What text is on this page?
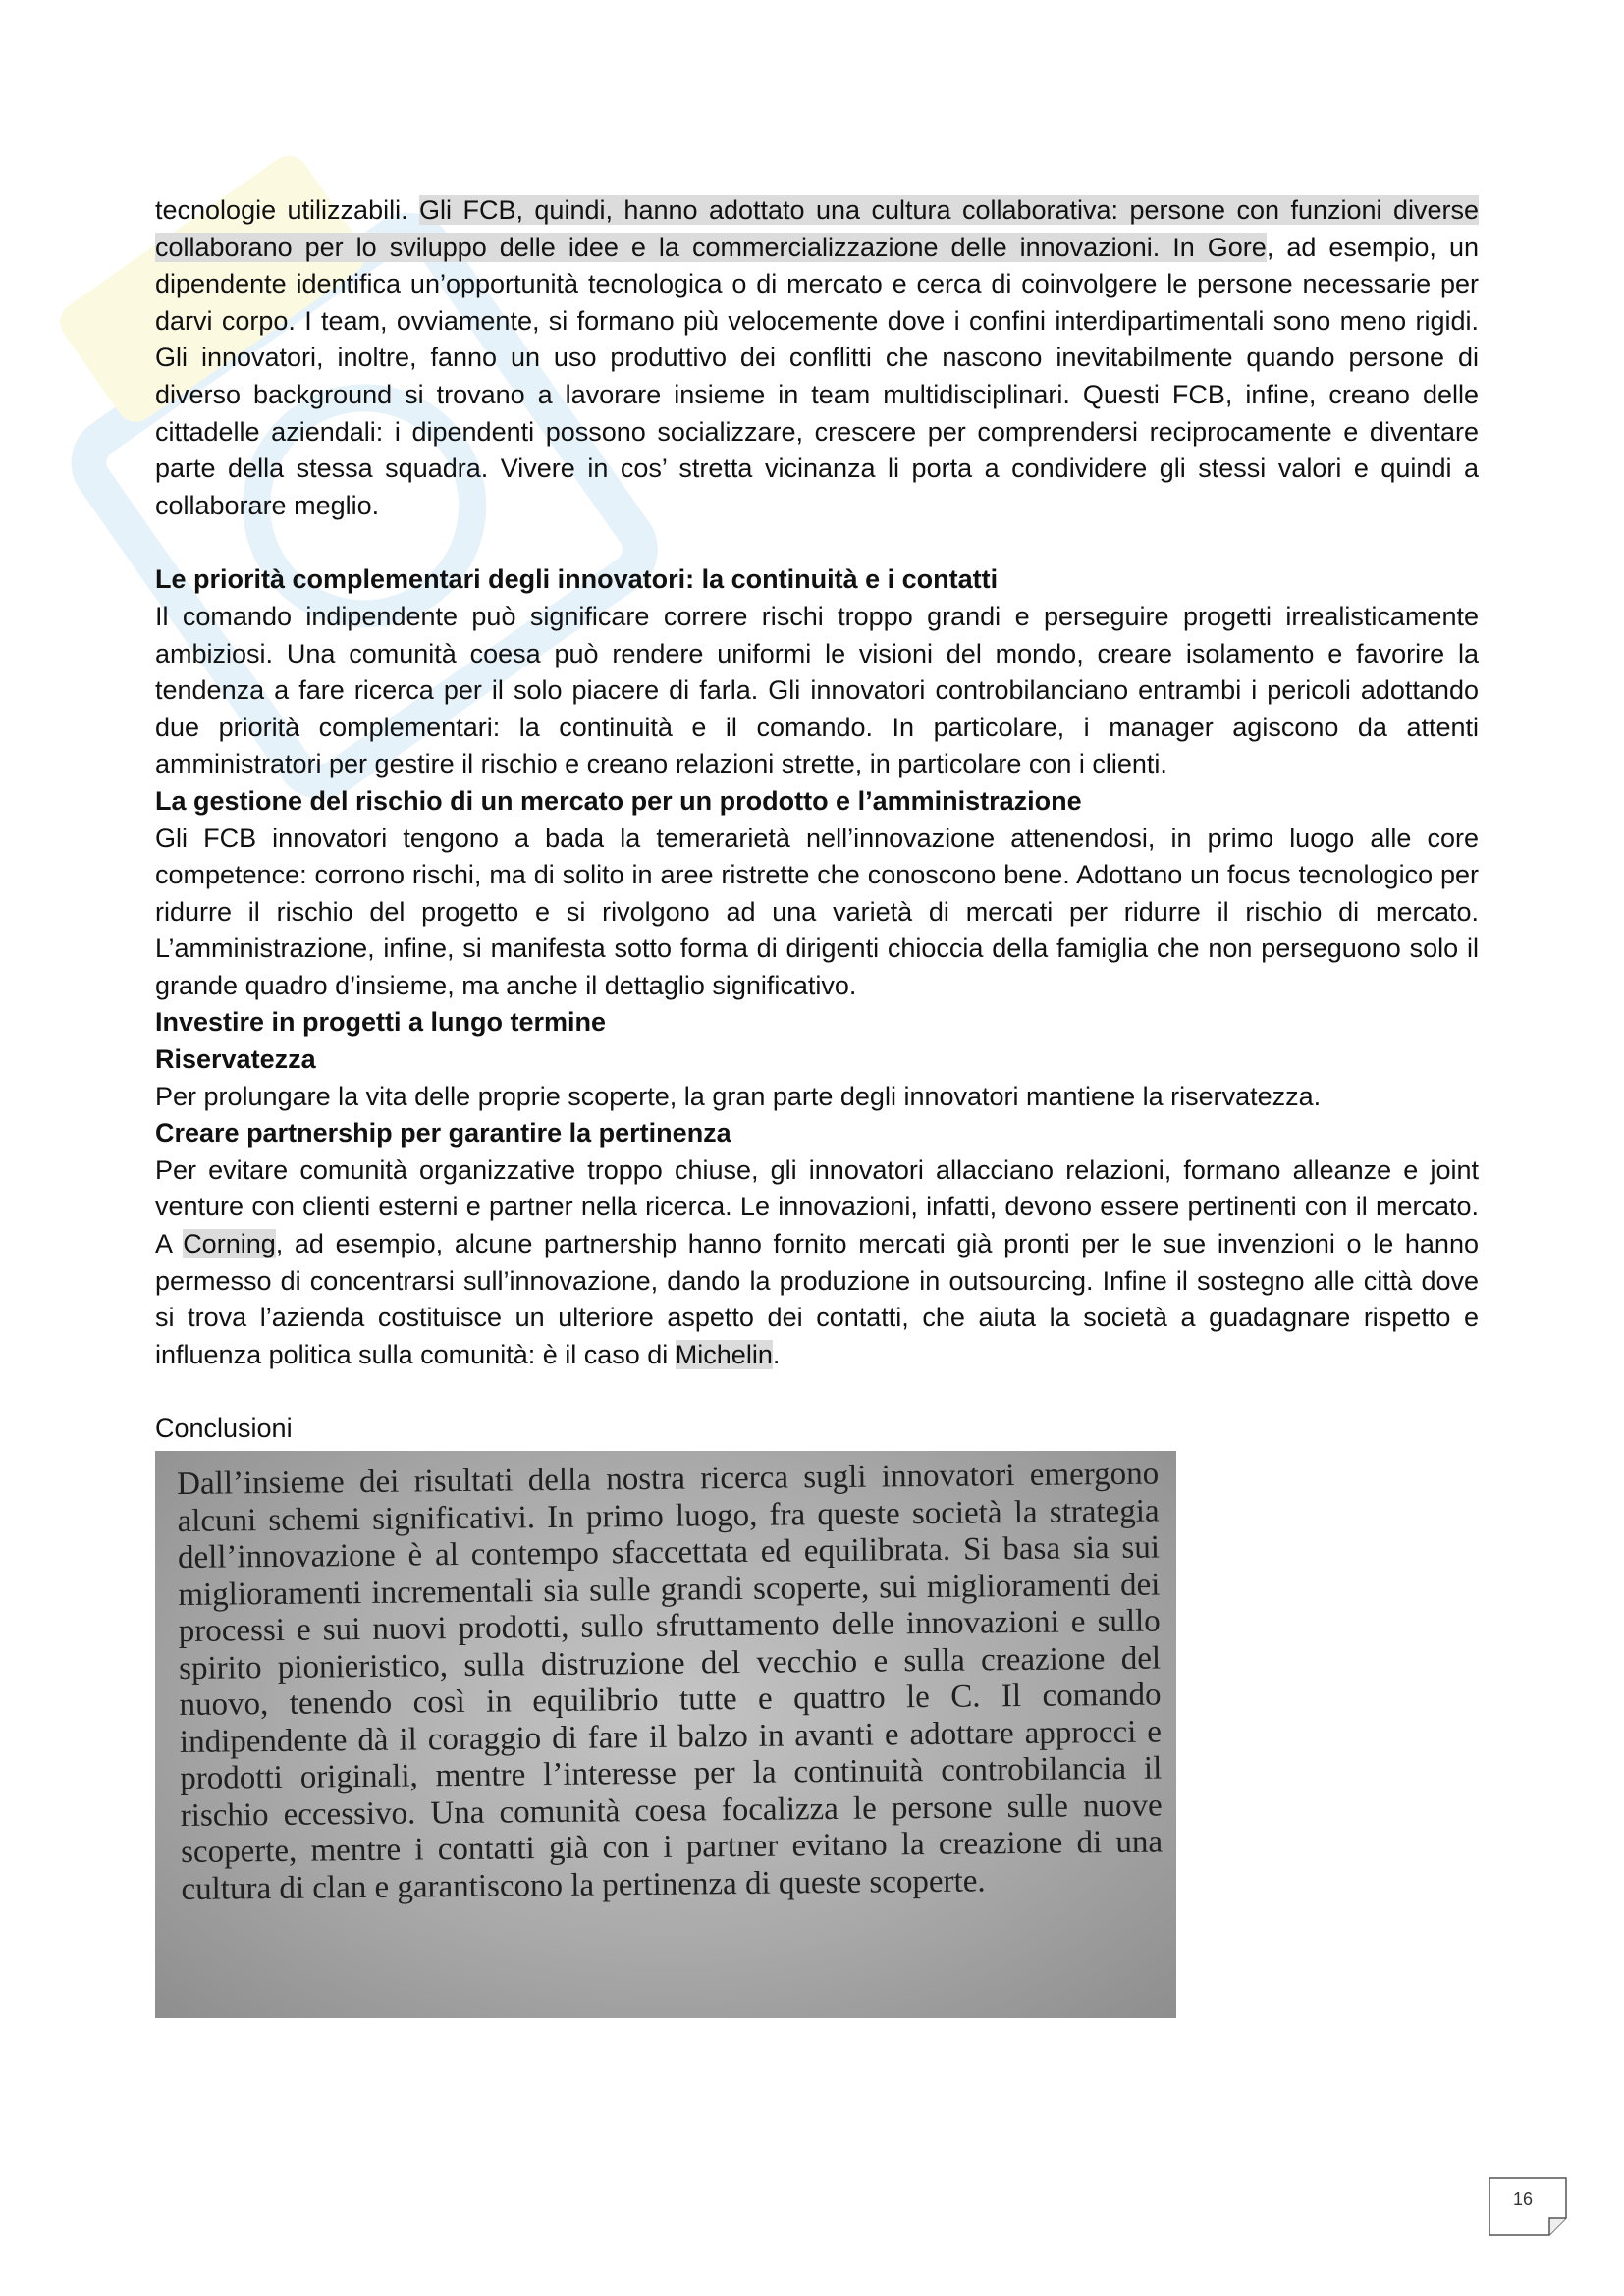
tecnologie utilizzabili. Gli FCB, quindi, hanno adottato una cultura collaborativa: persone con funzioni diverse collaborano per lo sviluppo delle idee e la commercializzazione delle innovazioni. In Gore, ad esempio, un dipendente identifica un’opportunità tecnologica o di mercato e cerca di coinvolgere le persone necessarie per darvi corpo. I team, ovviamente, si formano più velocemente dove i confini interdipartimentali sono meno rigidi. Gli innovatori, inoltre, fanno un uso produttivo dei conflitti che nascono inevitabilmente quando persone di diverso background si trovano a lavorare insieme in team multidisciplinari. Questi FCB, infine, creano delle cittadelle aziendali: i dipendenti possono socializzare, crescere per comprendersi reciprocamente e diventare parte della stessa squadra. Vivere in cos’ stretta vicinanza li porta a condividere gli stessi valori e quindi a collaborare meglio.

Le priorità complementari degli innovatori: la continuità e i contatti

Il comando indipendente può significare correre rischi troppo grandi e perseguire progetti irrealisticamente ambiziosi. Una comunità coesa può rendere uniformi le visioni del mondo, creare isolamento e favorire la tendenza a fare ricerca per il solo piacere di farla. Gli innovatori controbilanciano entrambi i pericoli adottando due priorità complementari: la continuità e il comando. In particolare, i manager agiscono da attenti amministratori per gestire il rischio e creano relazioni strette, in particolare con i clienti.

La gestione del rischio di un mercato per un prodotto e l’amministrazione

Gli FCB innovatori tengono a bada la temerarietà nell’innovazione attenendosi, in primo luogo alle core competence: corrono rischi, ma di solito in aree ristrette che conoscono bene. Adottano un focus tecnologico per ridurre il rischio del progetto e si rivolgono ad una varietà di mercati per ridurre il rischio di mercato. L’amministrazione, infine, si manifesta sotto forma di dirigenti chioccia della famiglia che non perseguono solo il grande quadro d’insieme, ma anche il dettaglio significativo.

Investire in progetti a lungo termine

Riservatezza

Per prolungare la vita delle proprie scoperte, la gran parte degli innovatori mantiene la riservatezza.

Creare partnership per garantire la pertinenza

Per evitare comunità organizzative troppo chiuse, gli innovatori allacciano relazioni, formano alleanze e joint venture con clienti esterni e partner nella ricerca. Le innovazioni, infatti, devono essere pertinenti con il mercato. A Corning, ad esempio, alcune partnership hanno fornito mercati già pronti per le sue invenzioni o le hanno permesso di concentrarsi sull’innovazione, dando la produzione in outsourcing. Infine il sostegno alle città dove si trova l’azienda costituisce un ulteriore aspetto dei contatti, che aiuta la società a guadagnare rispetto e influenza politica sulla comunità: è il caso di Michelin.

Conclusioni

Dall’insieme dei risultati della nostra ricerca sugli innovatori emergono alcuni schemi significativi. In primo luogo, fra queste società la strategia dell’innovazione è al contempo sfaccettata ed equilibrata. Si basa sia sui miglioramenti incrementali sia sulle grandi scoperte, sui miglioramenti dei processi e sui nuovi prodotti, sullo sfruttamento delle innovazioni e sullo spirito pionieristico, sulla distruzione del vecchio e sulla creazione del nuovo, tenendo così in equilibrio tutte e quattro le C. Il comando indipendente dà il coraggio di fare il balzo in avanti e adottare approcci e prodotti originali, mentre l’interesse per la continuità controbilancia il rischio eccessivo. Una comunità coesa focalizza le persone sulle nuove scoperte, mentre i contatti già con i partner evitano la creazione di una cultura di clan e garantiscono la pertinenza di queste scoperte.

16
